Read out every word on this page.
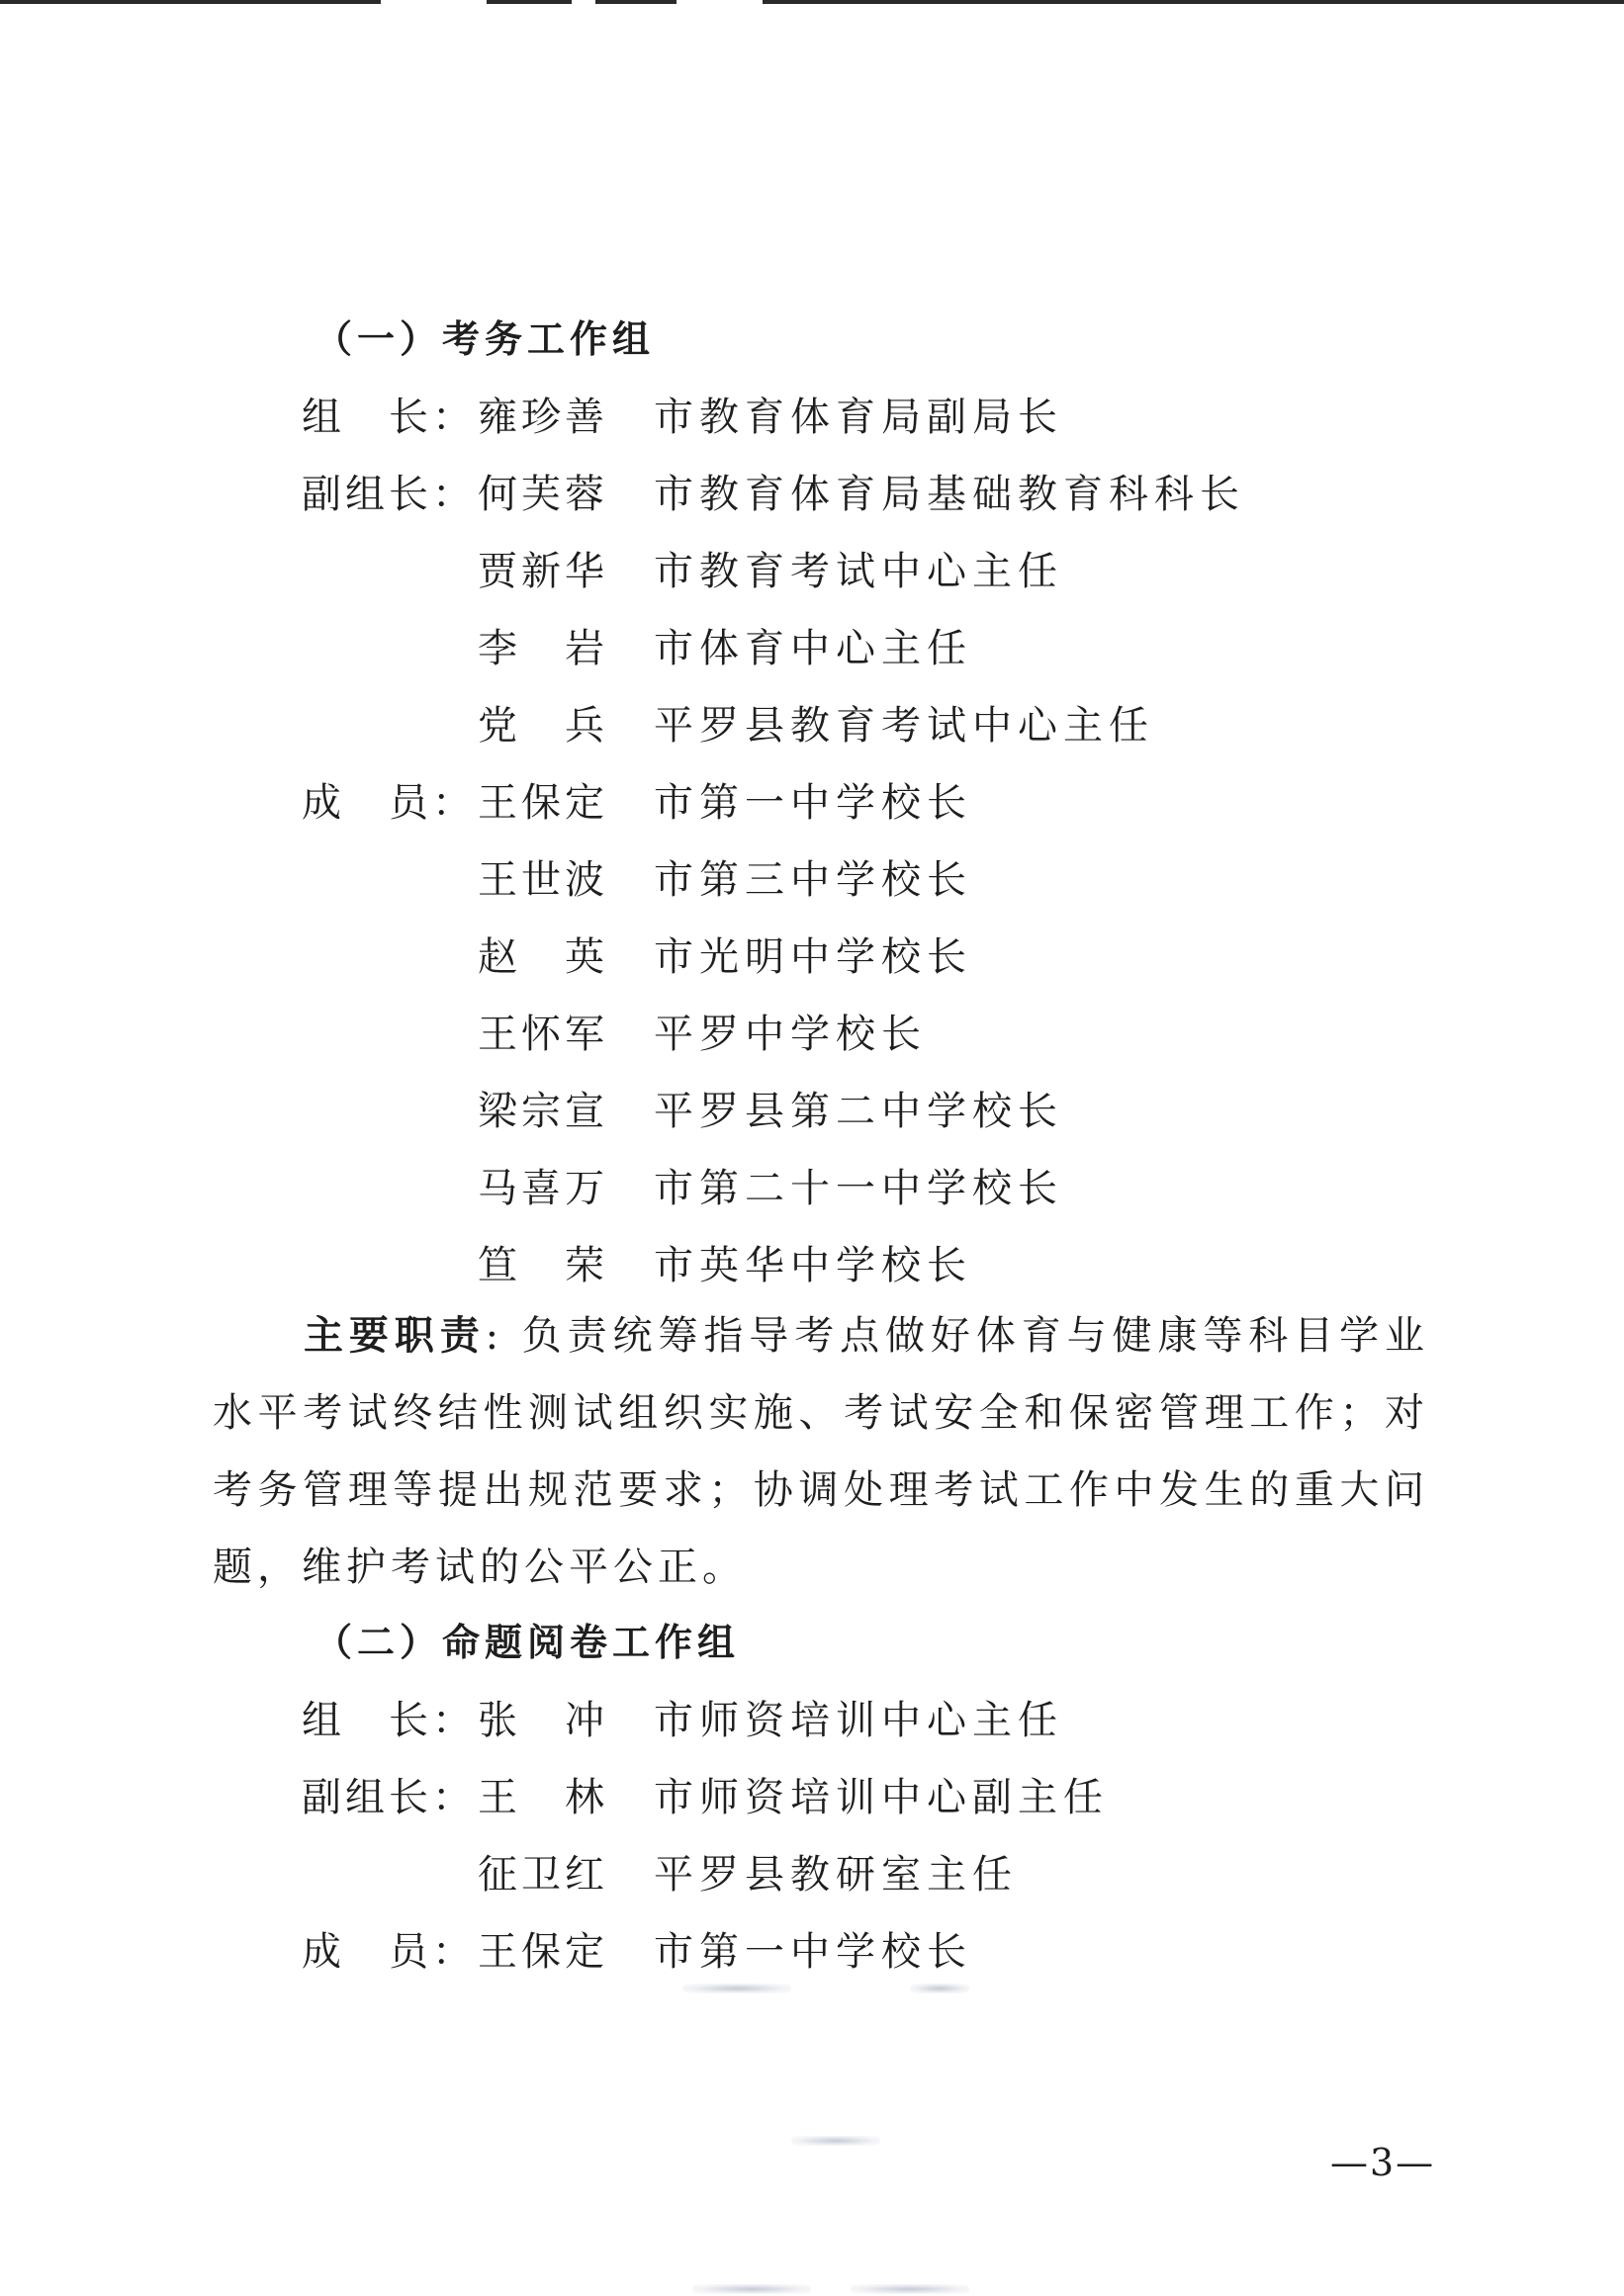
（一）考务工作组
组　长： 雍珍善	市教育体育局副局长
副组长： 何芙蓉	市教育体育局基础教育科科长
贾新华	市教育考试中心主任
李　岩	市体育中心主任
党　兵	平罗县教育考试中心主任
成　员： 王保定	市第一中学校长
王世波	市第三中学校长
赵　英	市光明中学校长
王怀军	平罗中学校长
梁宗宣	平罗县第二中学校长
马喜万	市第二十一中学校长
笪　荣	市英华中学校长

主要职责: 负责统筹指导考点做好体育与健康等科目学业水平考试终结性测试组织实施、考试安全和保密管理工作；对考务管理等提出规范要求；协调处理考试工作中发生的重大问题，维护考试的公平公正。

（二）命题阅卷工作组
组　长： 张　冲	市师资培训中心主任
副组长： 王　林	市师资培训中心副主任
征卫红	平罗县教研室主任
成　员： 王保定	市第一中学校长
—3—
